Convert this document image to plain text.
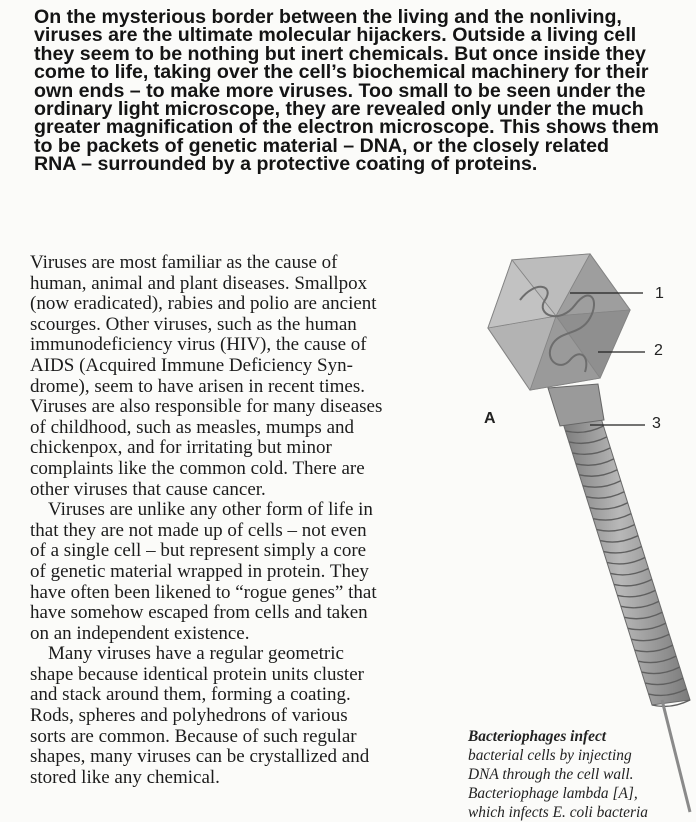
On the mysterious border between the living and the nonliving,
viruses are the ultimate molecular hijackers. Outside a living cell
they seem to be nothing but inert chemicals. But once inside they
come to life, taking over the cell’s biochemical machinery for their
own ends – to make more viruses. Too small to be seen under the
ordinary light microscope, they are revealed only under the much
greater magnification of the electron microscope. This shows them
to be packets of genetic material – DNA, or the closely related
RNA – surrounded by a protective coating of proteins.
Viruses are most familiar as the cause of
human, animal and plant diseases. Smallpox
(now eradicated), rabies and polio are ancient
scourges. Other viruses, such as the human
immunodeficiency virus (HIV), the cause of
AIDS (Acquired Immune Deficiency Syn-
drome), seem to have arisen in recent times.
Viruses are also responsible for many diseases
of childhood, such as measles, mumps and
chickenpox, and for irritating but minor
complaints like the common cold. There are
other viruses that cause cancer.
Viruses are unlike any other form of life in
that they are not made up of cells – not even
of a single cell – but represent simply a core
of genetic material wrapped in protein. They
have often been likened to “rogue genes” that
have somehow escaped from cells and taken
on an independent existence.
Many viruses have a regular geometric
shape because identical protein units cluster
and stack around them, forming a coating.
Rods, spheres and polyhedrons of various
sorts are common. Because of such regular
shapes, many viruses can be crystallized and
stored like any chemical.
1
2
3
A
Bacteriophages infect
bacterial cells by injecting
DNA through the cell wall.
Bacteriophage lambda [A],
which infects E. coli bacteria
